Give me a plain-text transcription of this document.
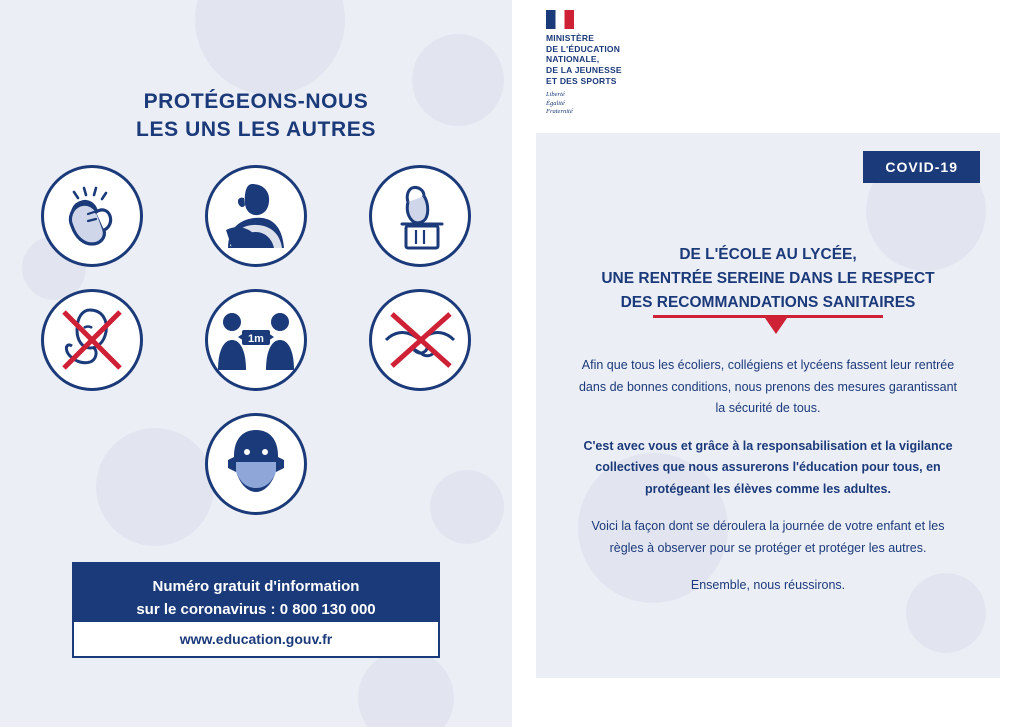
PROTÉGEONS-NOUS
LES UNS LES AUTRES
1m
Numéro gratuit d'information
sur le coronavirus : 0 800 130 000
www.education.gouv.fr
COVID-19
DE L'ÉCOLE AU LYCÉE,
UNE RENTRÉE SEREINE DANS LE RESPECT
DES RECOMMANDATIONS SANITAIRES

Afin que tous les écoliers, collégiens et lycéens fassent leur rentrée dans de bonnes conditions, nous prenons des mesures garantissant la sécurité de tous.

C'est avec vous et grâce à la responsabilisation et la vigilance collectives que nous assurerons l'éducation pour tous, en protégeant les élèves comme les adultes.

Voici la façon dont se déroulera la journée de votre enfant et les règles à observer pour se protéger et protéger les autres.

Ensemble, nous réussirons.

MINISTÈRE
DE L'ÉDUCATION
NATIONALE,
DE LA JEUNESSE
ET DES SPORTS
Liberté
Égalité
Fraternité
